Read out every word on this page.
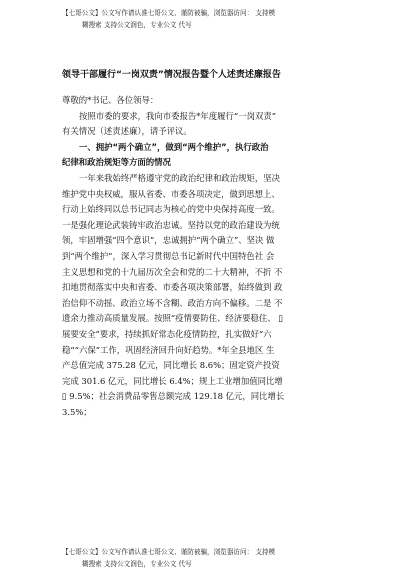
【七哥公文】公文写作请认准七哥公文、谨防被骗，浏览器访问： 支持模
糊搜索 支持公文润色，专业公文 代写
领导干部履行“一岗双责”情况报告暨个人述责述廉报告
尊敬的*书记、各位领导：
按照市委的要求，我向市委报告*年度履行“一岗双责”
有关情况（述责述廉），请予评议。
一、拥护“两个确立”，做到“两个维护”，执行政治
纪律和政治规矩等方面的情况
一年来我始终严格遵守党的政治纪律和政治规矩，坚决
维护党中央权威，服从省委、市委各项决定，做到思想上、
行动上始终同以总书记同志为核心的党中央保持高度一致。
一是强化理论武装铸牢政治忠诚。坚持以党的政治建设为统
领，牢固增强“四个意识”，忠诚拥护“两个确立”、坚决 做
到“两个维护”，深入学习贯彻总书记新时代中国特色社 会
主义思想和党的十九届历次全会和党的二十大精神，不折 不
扣地贯彻落实中央和省委、市委各项决策部署，始终做到 政
治信仰不动摇、政治立场不含糊、政治方向不偏移。二是 不
遗余力推动高质量发展。按照“疫情要防住、经济要稳住、 ▯
展要安全”要求，持续抓好常态化疫情防控，扎实做好“六
稳”“六保”工作，巩固经济回升向好趋势。*年全县地区 生
产总值完成 375.28 亿元，同比增长 8.6%；固定资产投资
完成 301.6 亿元，同比增长 6.4%；规上工业增加值同比增
▯ 9.5%；社会消费品零售总额完成 129.18 亿元，同比增长
3.5%；
【七哥公文】公文写作请认准七哥公文、谨防被骗，浏览器访问： 支持模
糊搜索 支持公文润色，专业公文 代写
